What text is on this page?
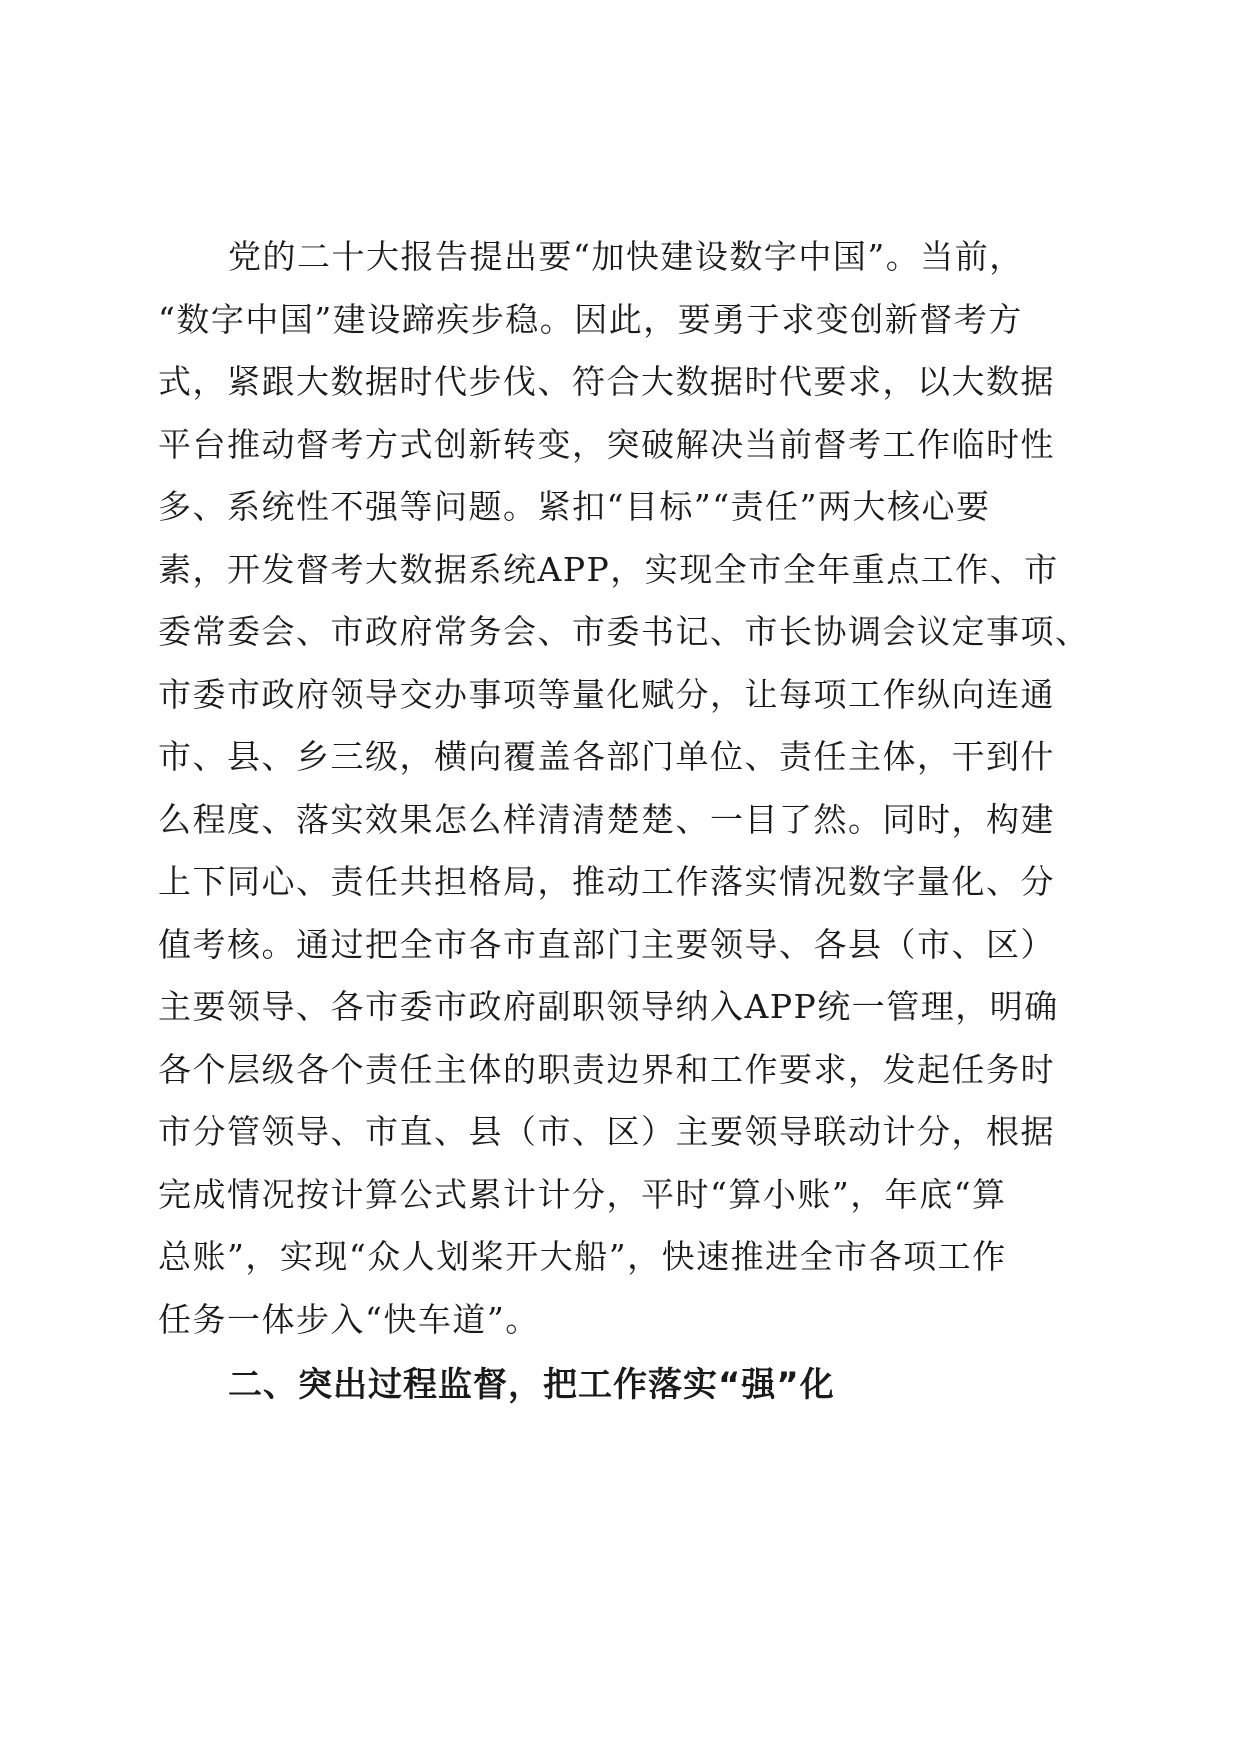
党的二十大报告提出要“加快建设数字中国”。当前，
“数字中国”建设蹄疾步稳。因此，要勇于求变创新督考方
式，紧跟大数据时代步伐、符合大数据时代要求，以大数据
平台推动督考方式创新转变，突破解决当前督考工作临时性
多、系统性不强等问题。紧扣“目标”“责任”两大核心要
素，开发督考大数据系统APP，实现全市全年重点工作、市
委常委会、市政府常务会、市委书记、市长协调会议定事项、
市委市政府领导交办事项等量化赋分，让每项工作纵向连通
市、县、乡三级，横向覆盖各部门单位、责任主体，干到什
么程度、落实效果怎么样清清楚楚、一目了然。同时，构建
上下同心、责任共担格局，推动工作落实情况数字量化、分
值考核。通过把全市各市直部门主要领导、各县（市、区）
主要领导、各市委市政府副职领导纳入APP统一管理，明确
各个层级各个责任主体的职责边界和工作要求，发起任务时
市分管领导、市直、县（市、区）主要领导联动计分，根据
完成情况按计算公式累计计分，平时“算小账”，年底“算
总账”，实现“众人划桨开大船”，快速推进全市各项工作
任务一体步入“快车道”。
二、突出过程监督，把工作落实“强”化
